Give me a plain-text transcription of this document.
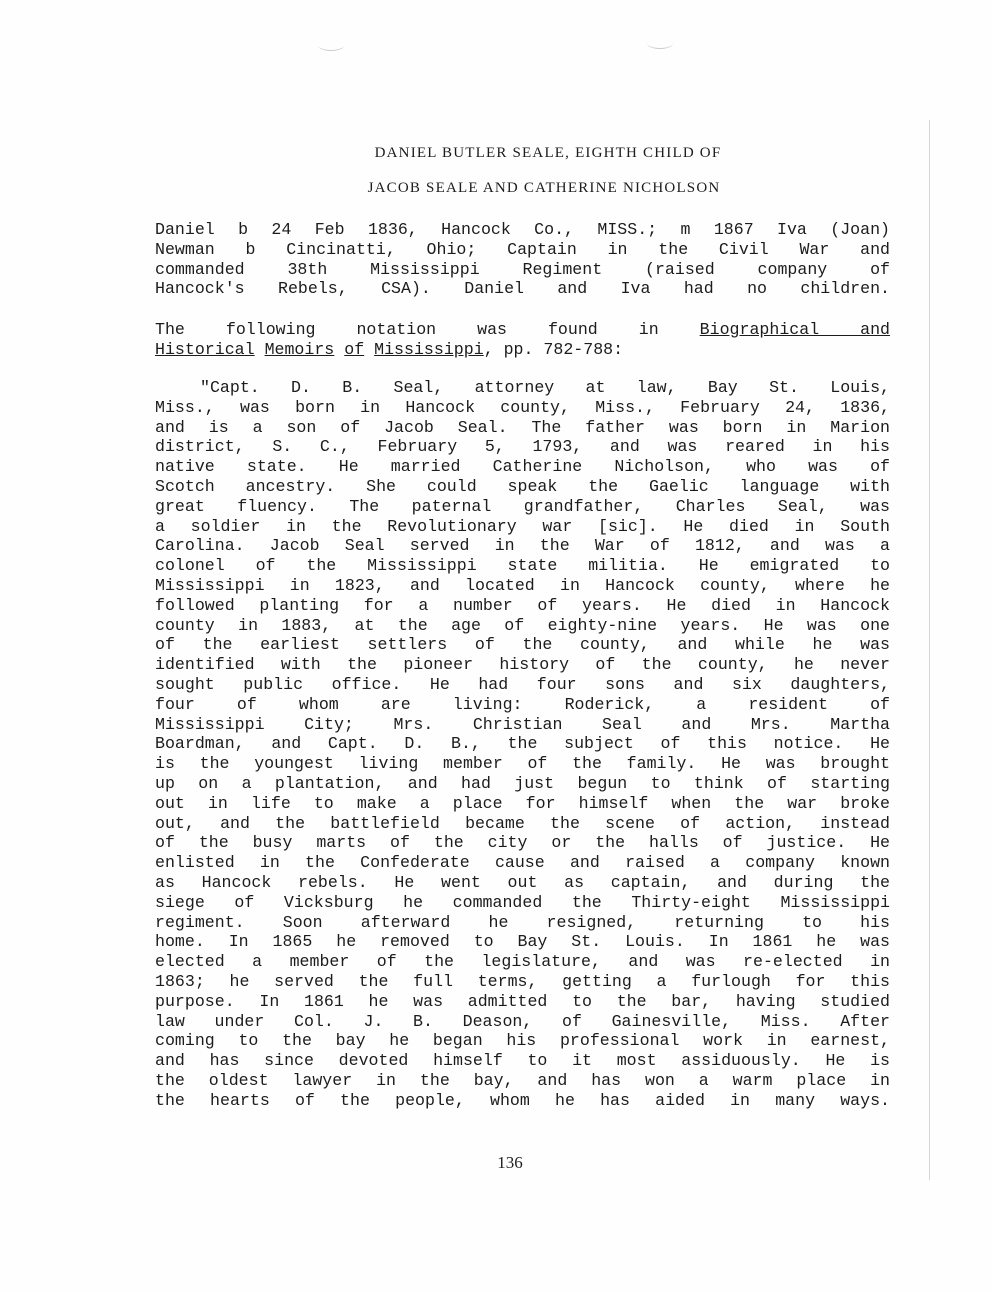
DANIEL BUTLER SEALE, EIGHTH CHILD OF
JACOB SEALE AND CATHERINE NICHOLSON
Daniel b 24 Feb 1836, Hancock Co., MISS.; m 1867 Iva (Joan)
Newman b Cincinatti, Ohio; Captain in the Civil War and
commanded 38th Mississippi Regiment (raised company of
Hancock's Rebels, CSA). Daniel and Iva had no children.
The following notation was found in Biographical and
Historical Memoirs of Mississippi, pp. 782-788:
"Capt. D. B. Seal, attorney at law, Bay St. Louis,
Miss., was born in Hancock county, Miss., February 24, 1836,
and is a son of Jacob Seal. The father was born in Marion
district, S. C., February 5, 1793, and was reared in his
native state. He married Catherine Nicholson, who was of
Scotch ancestry. She could speak the Gaelic language with
great fluency. The paternal grandfather, Charles Seal, was
a soldier in the Revolutionary war [sic]. He died in South
Carolina. Jacob Seal served in the War of 1812, and was a
colonel of the Mississippi state militia. He emigrated to
Mississippi in 1823, and located in Hancock county, where he
followed planting for a number of years. He died in Hancock
county in 1883, at the age of eighty-nine years. He was one
of the earliest settlers of the county, and while he was
identified with the pioneer history of the county, he never
sought public office. He had four sons and six daughters,
four of whom are living: Roderick, a resident of
Mississippi City; Mrs. Christian Seal and Mrs. Martha
Boardman, and Capt. D. B., the subject of this notice. He
is the youngest living member of the family. He was brought
up on a plantation, and had just begun to think of starting
out in life to make a place for himself when the war broke
out, and the battlefield became the scene of action, instead
of the busy marts of the city or the halls of justice. He
enlisted in the Confederate cause and raised a company known
as Hancock rebels. He went out as captain, and during the
siege of Vicksburg he commanded the Thirty-eight Mississippi
regiment. Soon afterward he resigned, returning to his
home. In 1865 he removed to Bay St. Louis. In 1861 he was
elected a member of the legislature, and was re-elected in
1863; he served the full terms, getting a furlough for this
purpose. In 1861 he was admitted to the bar, having studied
law under Col. J. B. Deason, of Gainesville, Miss. After
coming to the bay he began his professional work in earnest,
and has since devoted himself to it most assiduously. He is
the oldest lawyer in the bay, and has won a warm place in
the hearts of the people, whom he has aided in many ways.
136
